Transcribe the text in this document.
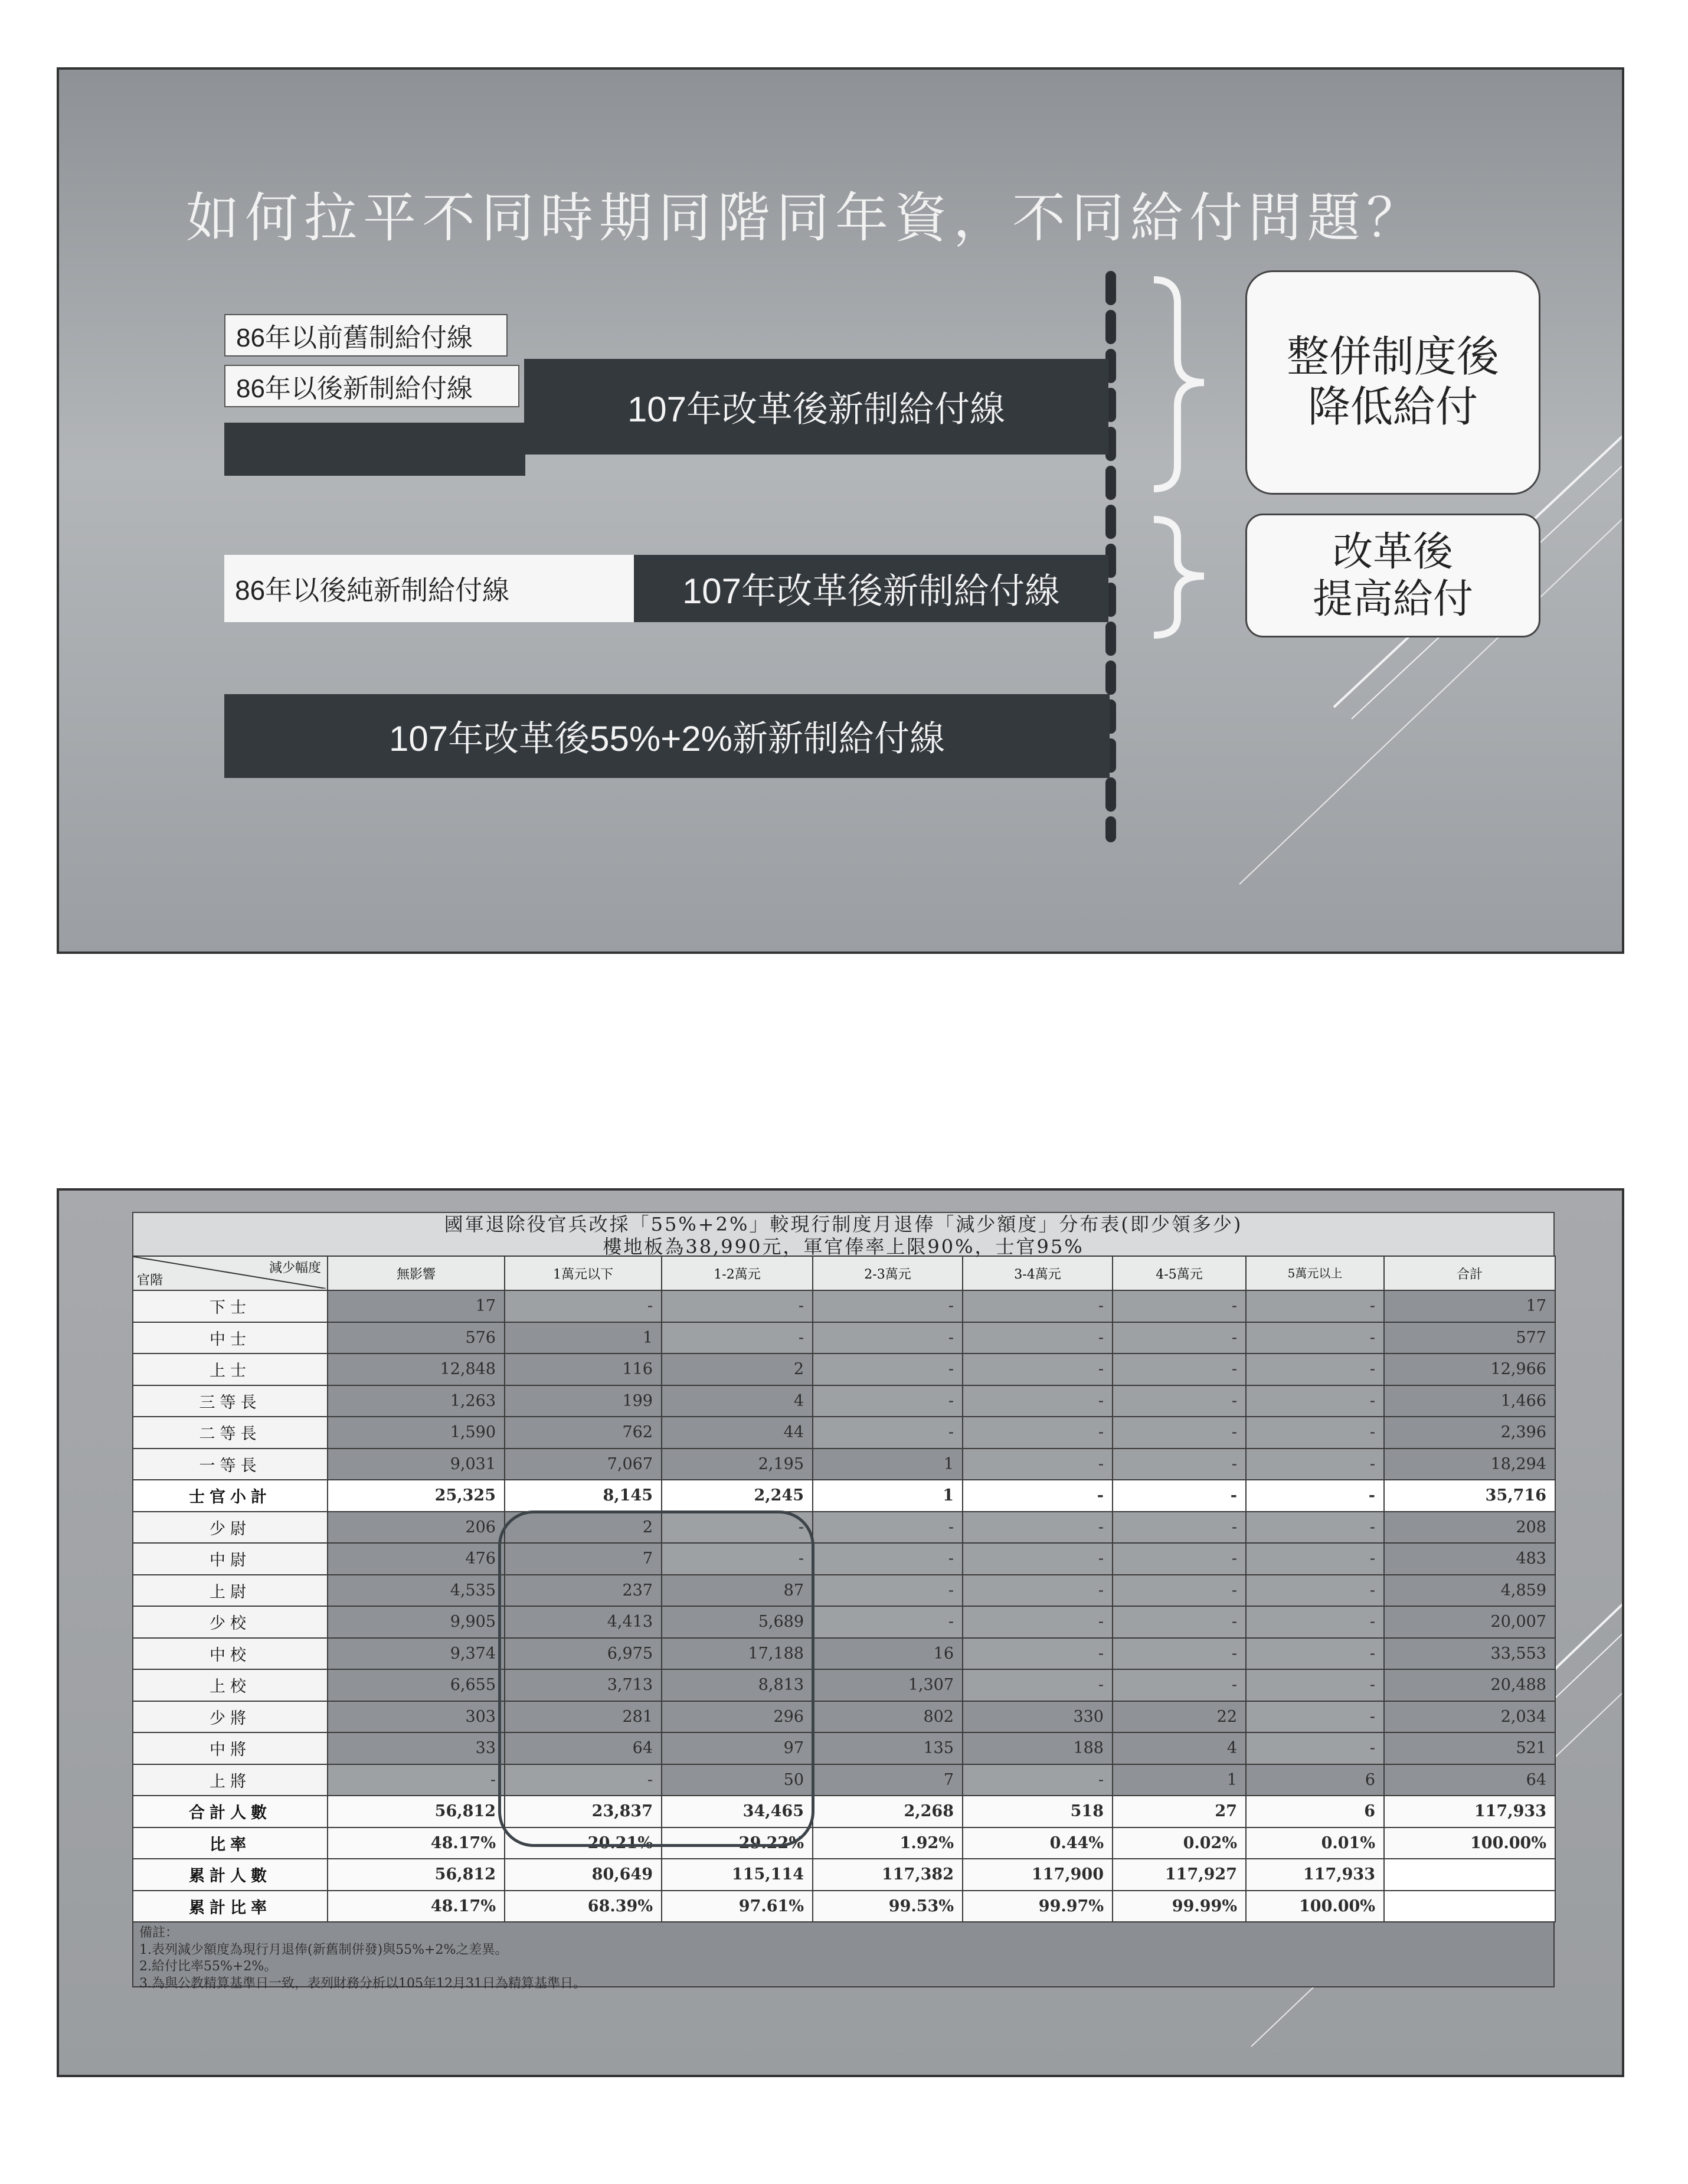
如何拉平不同時期同階同年資，不同給付問題？
86年以前舊制給付線
86年以後新制給付線
107年改革後新制給付線
86年以後純新制給付線	107年改革後新制給付線
107年改革後55%+2%新新制給付線
整併制度後
降低給付
改革後
提高給付
國軍退除役官兵改採「55%+2%」較現行制度月退俸「減少額度」分布表(即少領多少)
樓地板為38,990元，軍官俸率上限90%，士官95%
減少幅度
官階	無影響	1萬元以下	1-2萬元	2-3萬元	3-4萬元	4-5萬元	5萬元以上	合計
下士	17	-	-	-	-	-	-	17
中士	576	1	-	-	-	-	-	577
上士	12,848	116	2	-	-	-	-	12,966
三等長	1,263	199	4	-	-	-	-	1,466
二等長	1,590	762	44	-	-	-	-	2,396
一等長	9,031	7,067	2,195	1	-	-	-	18,294
士官小計	25,325	8,145	2,245	1	-	-	-	35,716
少尉	206	2	-	-	-	-	-	208
中尉	476	7	-	-	-	-	-	483
上尉	4,535	237	87	-	-	-	-	4,859
少校	9,905	4,413	5,689	-	-	-	-	20,007
中校	9,374	6,975	17,188	16	-	-	-	33,553
上校	6,655	3,713	8,813	1,307	-	-	-	20,488
少將	303	281	296	802	330	22	-	2,034
中將	33	64	97	135	188	4	-	521
上將	-	-	50	7	-	1	6	64
合計人數	56,812	23,837	34,465	2,268	518	27	6	117,933
比率	48.17%	20.21%	29.22%	1.92%	0.44%	0.02%	0.01%	100.00%
累計人數	56,812	80,649	115,114	117,382	117,900	117,927	117,933	
累計比率	48.17%	68.39%	97.61%	99.53%	99.97%	99.99%	100.00%	
備註：
1.表列減少額度為現行月退俸(新舊制併發)與55%+2%之差異。
2.給付比率55%+2%。
3.為與公教精算基準日一致，表列財務分析以105年12月31日為精算基準日。
